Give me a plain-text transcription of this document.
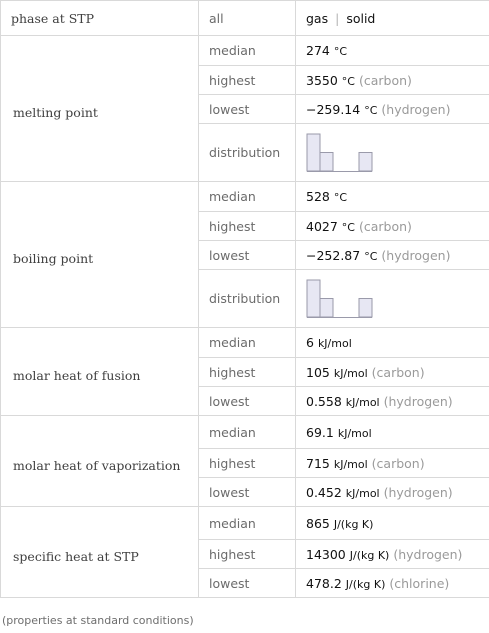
phase at STP	all	gas | solid
melting point	median	274 °C
	highest	3550 °C (carbon)
	lowest	−259.14 °C (hydrogen)
	distribution	

boiling point	median	528 °C
	highest	4027 °C (carbon)
	lowest	−252.87 °C (hydrogen)
	distribution	

molar heat of fusion	median	6 kJ/mol
	highest	105 kJ/mol (carbon)
	lowest	0.558 kJ/mol (hydrogen)
molar heat of vaporization	median	69.1 kJ/mol
	highest	715 kJ/mol (carbon)
	lowest	0.452 kJ/mol (hydrogen)
specific heat at STP	median	865 J/(kg K)
	highest	14300 J/(kg K) (hydrogen)
	lowest	478.2 J/(kg K) (chlorine)
(properties at standard conditions)
